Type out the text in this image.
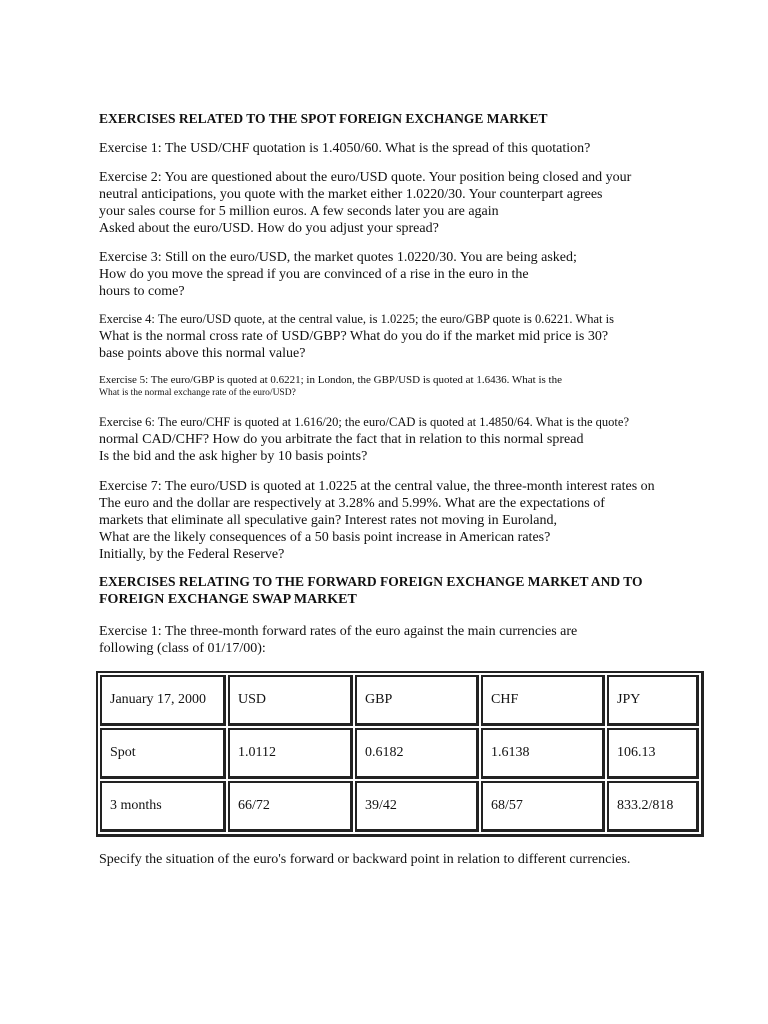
EXERCISES RELATED TO THE SPOT FOREIGN EXCHANGE MARKET

Exercise 1: The USD/CHF quotation is 1.4050/60. What is the spread of this quotation?
Exercise 2: You are questioned about the euro/USD quote. Your position being closed and your
neutral anticipations, you quote with the market either 1.0220/30. Your counterpart agrees
your sales course for 5 million euros. A few seconds later you are again
Asked about the euro/USD. How do you adjust your spread?
Exercise 3: Still on the euro/USD, the market quotes 1.0220/30. You are being asked;
How do you move the spread if you are convinced of a rise in the euro in the
hours to come?
Exercise 4: The euro/USD quote, at the central value, is 1.0225; the euro/GBP quote is 0.6221. What is
What is the normal cross rate of USD/GBP? What do you do if the market mid price is 30?
base points above this normal value?
Exercise 5: The euro/GBP is quoted at 0.6221; in London, the GBP/USD is quoted at 1.6436. What is the
What is the normal exchange rate of the euro/USD?
Exercise 6: The euro/CHF is quoted at 1.616/20; the euro/CAD is quoted at 1.4850/64. What is the quote?
normal CAD/CHF? How do you arbitrate the fact that in relation to this normal spread
Is the bid and the ask higher by 10 basis points?
Exercise 7: The euro/USD is quoted at 1.0225 at the central value, the three-month interest rates on
The euro and the dollar are respectively at 3.28% and 5.99%. What are the expectations of
markets that eliminate all speculative gain? Interest rates not moving in Euroland,
What are the likely consequences of a 50 basis point increase in American rates?
Initially, by the Federal Reserve?

EXERCISES RELATING TO THE FORWARD FOREIGN EXCHANGE MARKET AND TO

FOREIGN EXCHANGE SWAP MARKET

Exercise 1: The three-month forward rates of the euro against the main currencies are
following (class of 01/17/00):
January 17, 2000	USD	GBP	CHF	JPY
Spot	1.0112	0.6182	1.6138	106.13
3 months	66/72	39/42	68/57	833.2/818
Specify the situation of the euro's forward or backward point in relation to different currencies.
